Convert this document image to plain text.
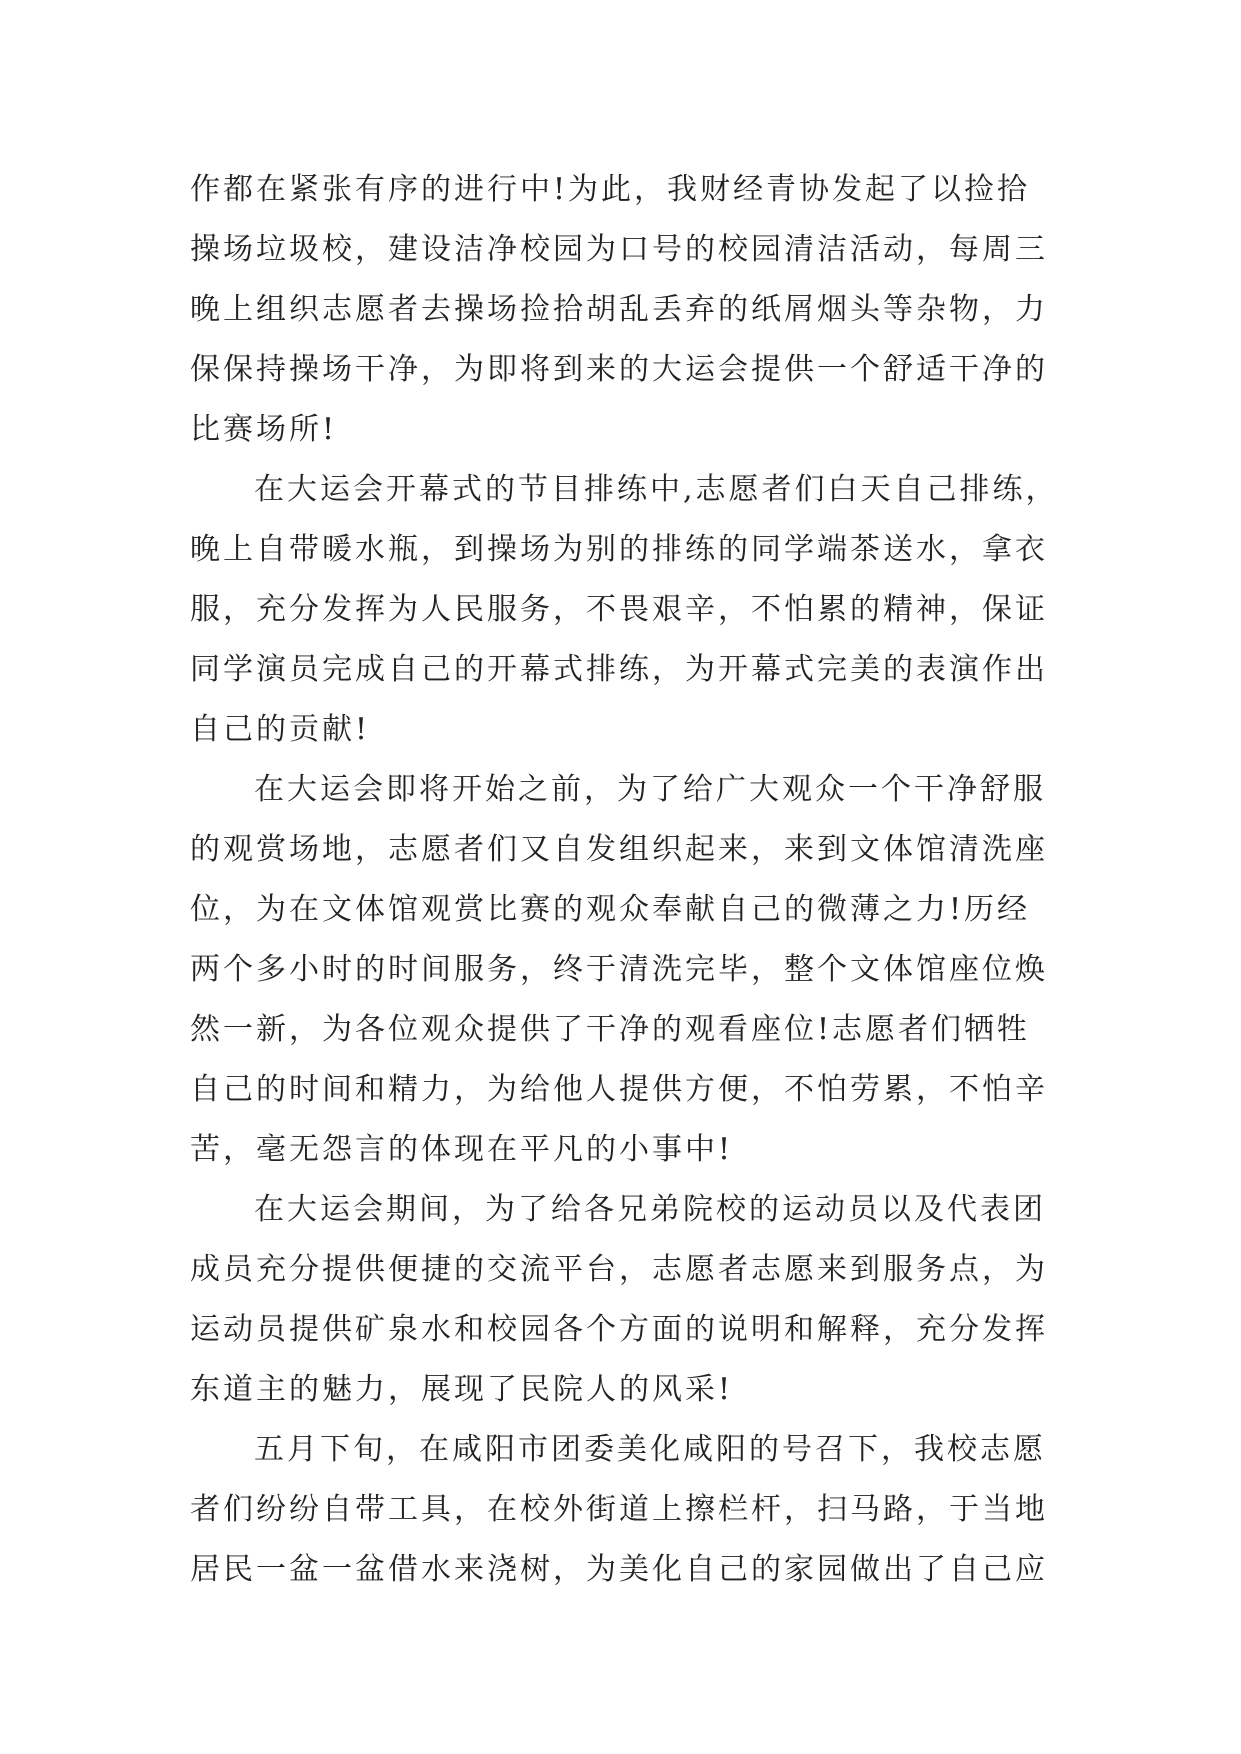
作都在紧张有序的进行中!为此，我财经青协发起了以捡拾

操场垃圾校，建设洁净校园为口号的校园清洁活动，每周三

晚上组织志愿者去操场捡拾胡乱丢弃的纸屑烟头等杂物，力

保保持操场干净，为即将到来的大运会提供一个舒适干净的

比赛场所!

在大运会开幕式的节目排练中,志愿者们白天自己排练，

晚上自带暖水瓶，到操场为别的排练的同学端茶送水，拿衣

服，充分发挥为人民服务，不畏艰辛，不怕累的精神，保证

同学演员完成自己的开幕式排练，为开幕式完美的表演作出

自己的贡献!

在大运会即将开始之前，为了给广大观众一个干净舒服

的观赏场地，志愿者们又自发组织起来，来到文体馆清洗座

位，为在文体馆观赏比赛的观众奉献自己的微薄之力!历经

两个多小时的时间服务，终于清洗完毕，整个文体馆座位焕

然一新，为各位观众提供了干净的观看座位!志愿者们牺牲

自己的时间和精力，为给他人提供方便，不怕劳累，不怕辛

苦，毫无怨言的体现在平凡的小事中!

在大运会期间，为了给各兄弟院校的运动员以及代表团

成员充分提供便捷的交流平台，志愿者志愿来到服务点，为

运动员提供矿泉水和校园各个方面的说明和解释，充分发挥

东道主的魅力，展现了民院人的风采!

五月下旬，在咸阳市团委美化咸阳的号召下，我校志愿

者们纷纷自带工具，在校外街道上擦栏杆，扫马路，于当地

居民一盆一盆借水来浇树，为美化自己的家园做出了自己应
